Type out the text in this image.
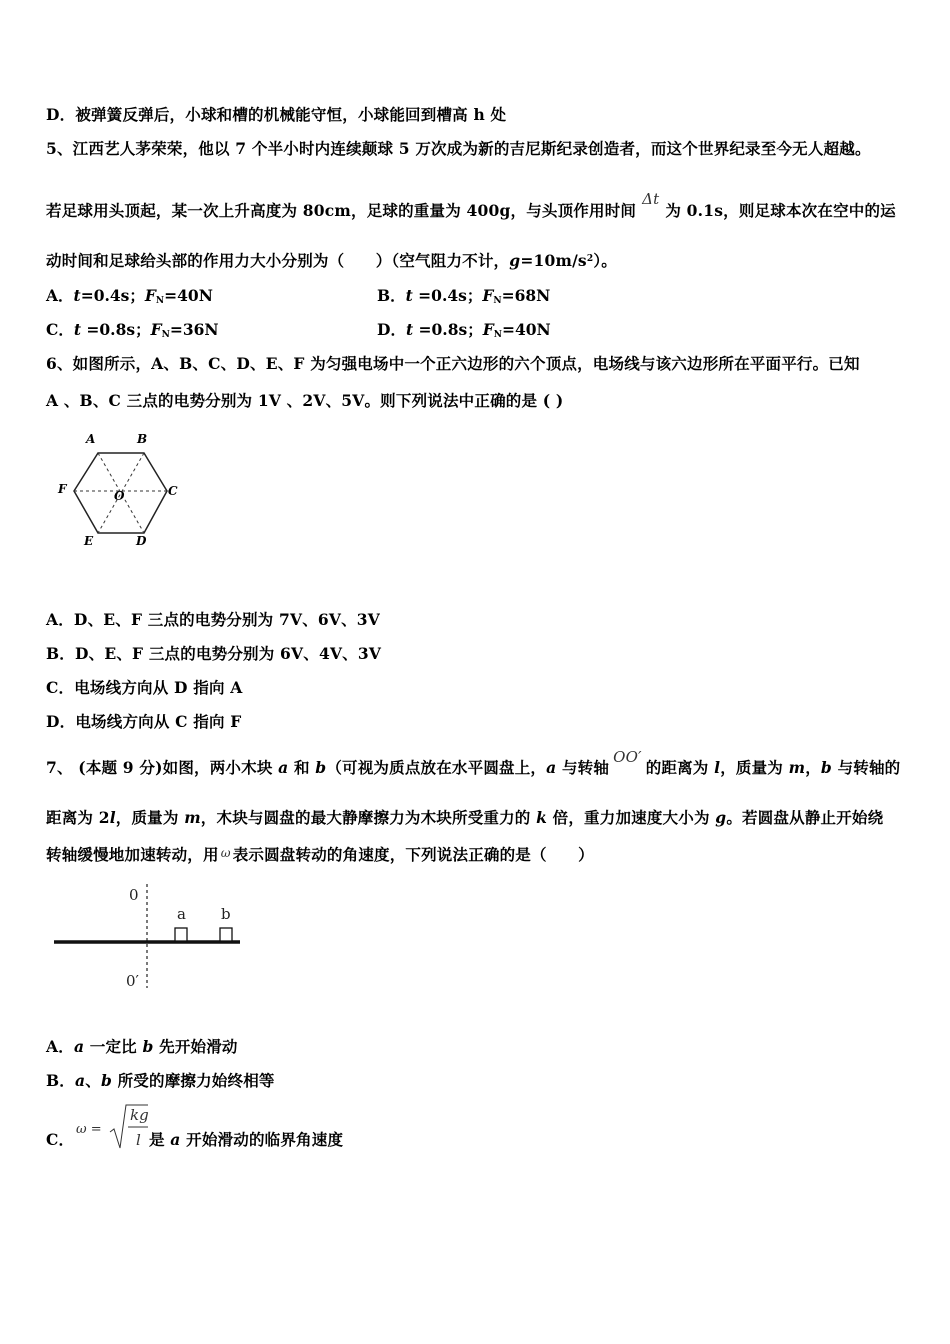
D．被弹簧反弹后，小球和槽的机械能守恒，小球能回到槽高 h 处
5、江西艺人茅荣荣，他以 7 个半小时内连续颠球 5 万次成为新的吉尼斯纪录创造者，而这个世界纪录至今无人超越。
若足球用头顶起，某一次上升高度为 80cm，足球的重量为 400g，与头顶作用时间Δt为 0.1s，则足球本次在空中的运
动时间和足球给头部的作用力大小分别为（　　）（空气阻力不计，$g=10m/s^2$）。
A．t=0.4s；$F_N=40N$	B．t =0.4s；$F_N=68N$
C．t =0.8s；$F_N=36N$	D．t =0.8s；$F_N=40N$
6、如图所示，A、B、C、D、E、F 为匀强电场中一个正六边形的六个顶点，电场线与该六边形所在平面平行。已知
A 、B、C 三点的电势分别为 1V 、2V、5V。则下列说法中正确的是 ( )
A	B
C
D
E
F	O
A．D、E、F 三点的电势分别为 7V、6V、3V
B．D、E、F 三点的电势分别为 6V、4V、3V
C．电场线方向从 D 指向 A
D．电场线方向从 C 指向 F
7、 (本题 9 分)如图，两小木块 a 和 b（可视为质点放在水平圆盘上，a 与转轴OO′的距离为 l，质量为 m，b 与转轴的
距离为 2l，质量为 m，木块与圆盘的最大静摩擦力为木块所受重力的 k 倍，重力加速度大小为 g。若圆盘从静止开始绕
转轴缓慢地加速转动，用 ω 表示圆盘转动的角速度，下列说法正确的是（　　）
0
0′
a b
A．a 一定比 b 先开始滑动
B．a、b 所受的摩擦力始终相等
C．
ω =
kg
l 是 a 开始滑动的临界角速度
